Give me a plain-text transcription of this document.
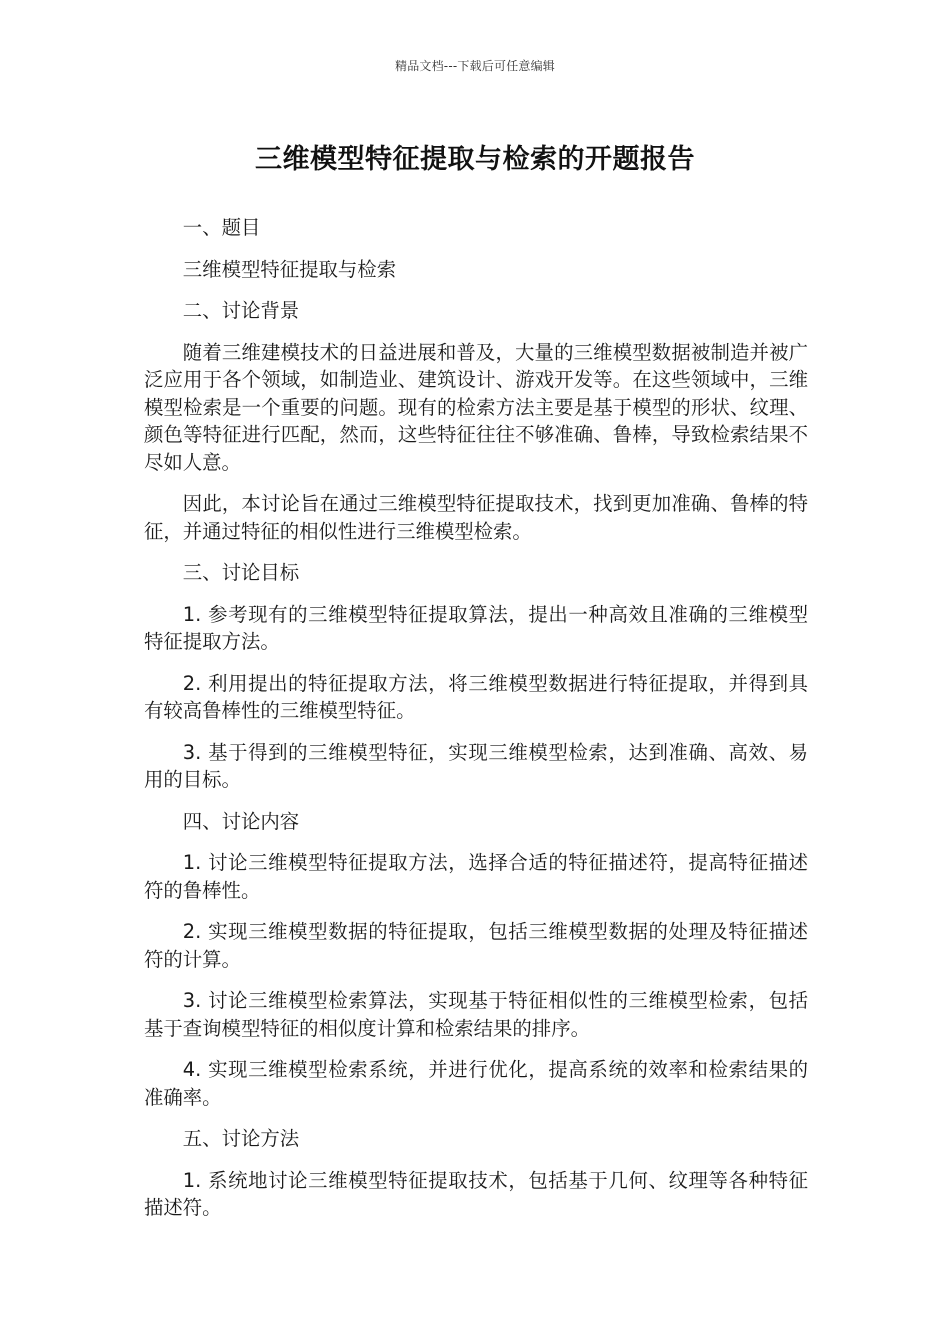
精品文档---下载后可任意编辑
三维模型特征提取与检索的开题报告

一、题目

三维模型特征提取与检索

二、讨论背景

随着三维建模技术的日益进展和普及，大量的三维模型数据被制造并被广泛应用于各个领域，如制造业、建筑设计、游戏开发等。在这些领域中，三维模型检索是一个重要的问题。现有的检索方法主要是基于模型的形状、纹理、颜色等特征进行匹配，然而，这些特征往往不够准确、鲁棒，导致检索结果不尽如人意。

因此，本讨论旨在通过三维模型特征提取技术，找到更加准确、鲁棒的特征，并通过特征的相似性进行三维模型检索。

三、讨论目标

1. 参考现有的三维模型特征提取算法，提出一种高效且准确的三维模型特征提取方法。

2. 利用提出的特征提取方法，将三维模型数据进行特征提取，并得到具有较高鲁棒性的三维模型特征。

3. 基于得到的三维模型特征，实现三维模型检索，达到准确、高效、易用的目标。

四、讨论内容

1. 讨论三维模型特征提取方法，选择合适的特征描述符，提高特征描述符的鲁棒性。

2. 实现三维模型数据的特征提取，包括三维模型数据的处理及特征描述符的计算。

3. 讨论三维模型检索算法，实现基于特征相似性的三维模型检索，包括基于查询模型特征的相似度计算和检索结果的排序。

4. 实现三维模型检索系统，并进行优化，提高系统的效率和检索结果的准确率。

五、讨论方法

1. 系统地讨论三维模型特征提取技术，包括基于几何、纹理等各种特征描述符。
